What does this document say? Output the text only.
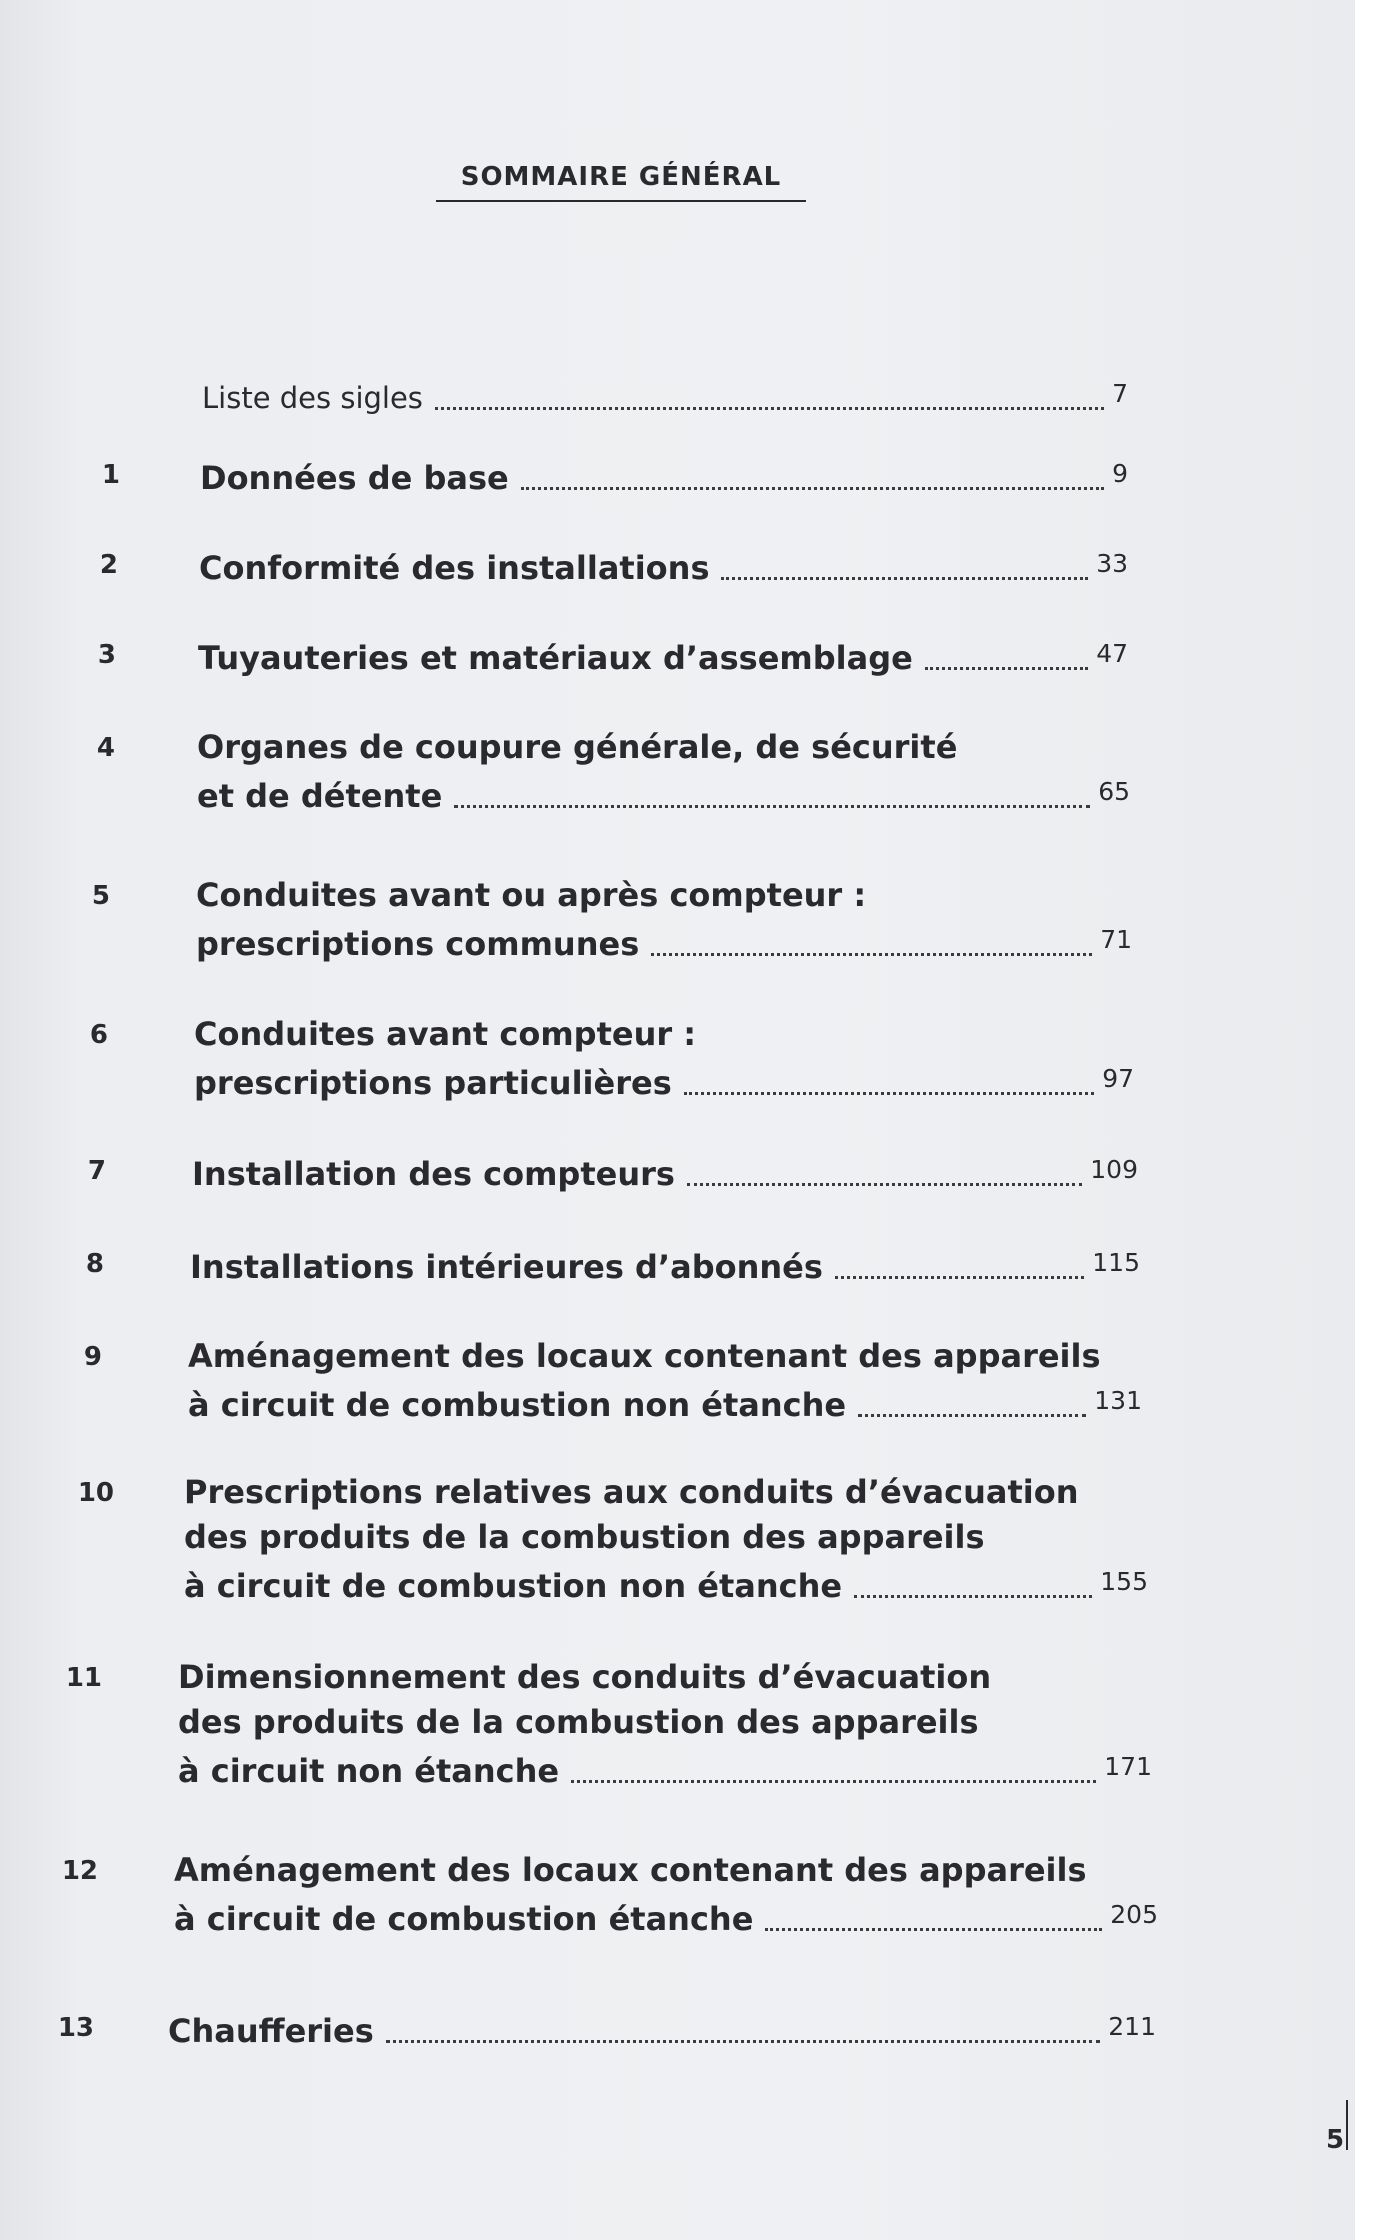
SOMMAIRE GÉNÉRAL
Liste des sigles	7
1	Données de base	9
2	Conformité des installations	33
3	Tuyauteries et matériaux d’assemblage	47
4	Organes de coupure générale, de sécurité
et de détente	65
5	Conduites avant ou après compteur :
prescriptions communes	71
6	Conduites avant compteur :
prescriptions particulières	97
7	Installation des compteurs	109
8	Installations intérieures d’abonnés	115
9	Aménagement des locaux contenant des appareils
à circuit de combustion non étanche	131
10 Prescriptions relatives aux conduits d’évacuation
des produits de la combustion des appareils
à circuit de combustion non étanche	155
11 Dimensionnement des conduits d’évacuation
des produits de la combustion des appareils
à circuit non étanche	171
12 Aménagement des locaux contenant des appareils
à circuit de combustion étanche	205
13 Chaufferies	211
5
